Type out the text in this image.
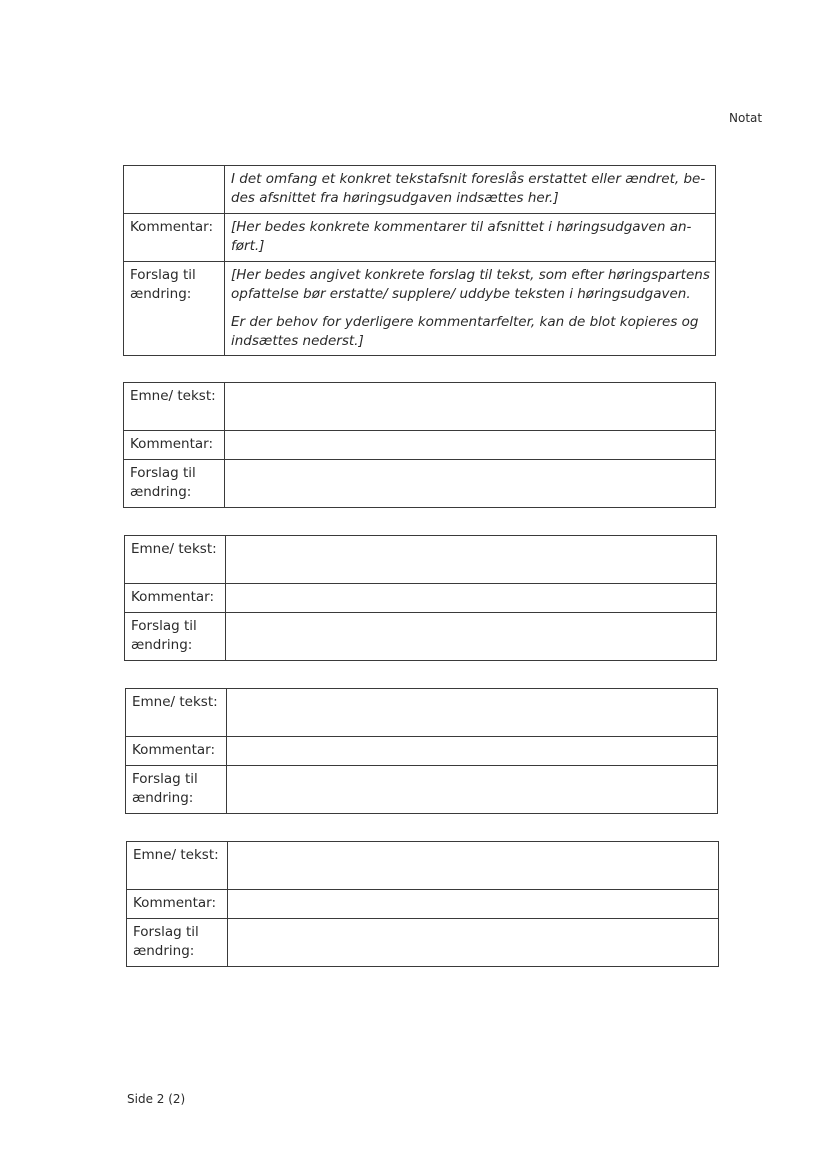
Notat

	I det omfang et konkret tekstafsnit foreslås erstattet eller ændret, be-des afsnittet fra høringsudgaven indsættes her.]

Kommentar:	[Her bedes konkrete kommentarer til afsnittet i høringsudgaven an-ført.]

Forslag til ændring:	[Her bedes angivet konkrete forslag til tekst, som efter høringspartens opfattelse bør erstatte/ supplere/ uddybe teksten i høringsudgaven.

Er der behov for yderligere kommentarfelter, kan de blot kopieres og indsættes nederst.]

Emne/ tekst:	

Kommentar:	

Forslag til ændring:	

Emne/ tekst:	

Kommentar:	

Forslag til ændring:	

Emne/ tekst:	

Kommentar:	

Forslag til ændring:	

Emne/ tekst:	

Kommentar:	

Forslag til ændring:	

Side 2 (2)
